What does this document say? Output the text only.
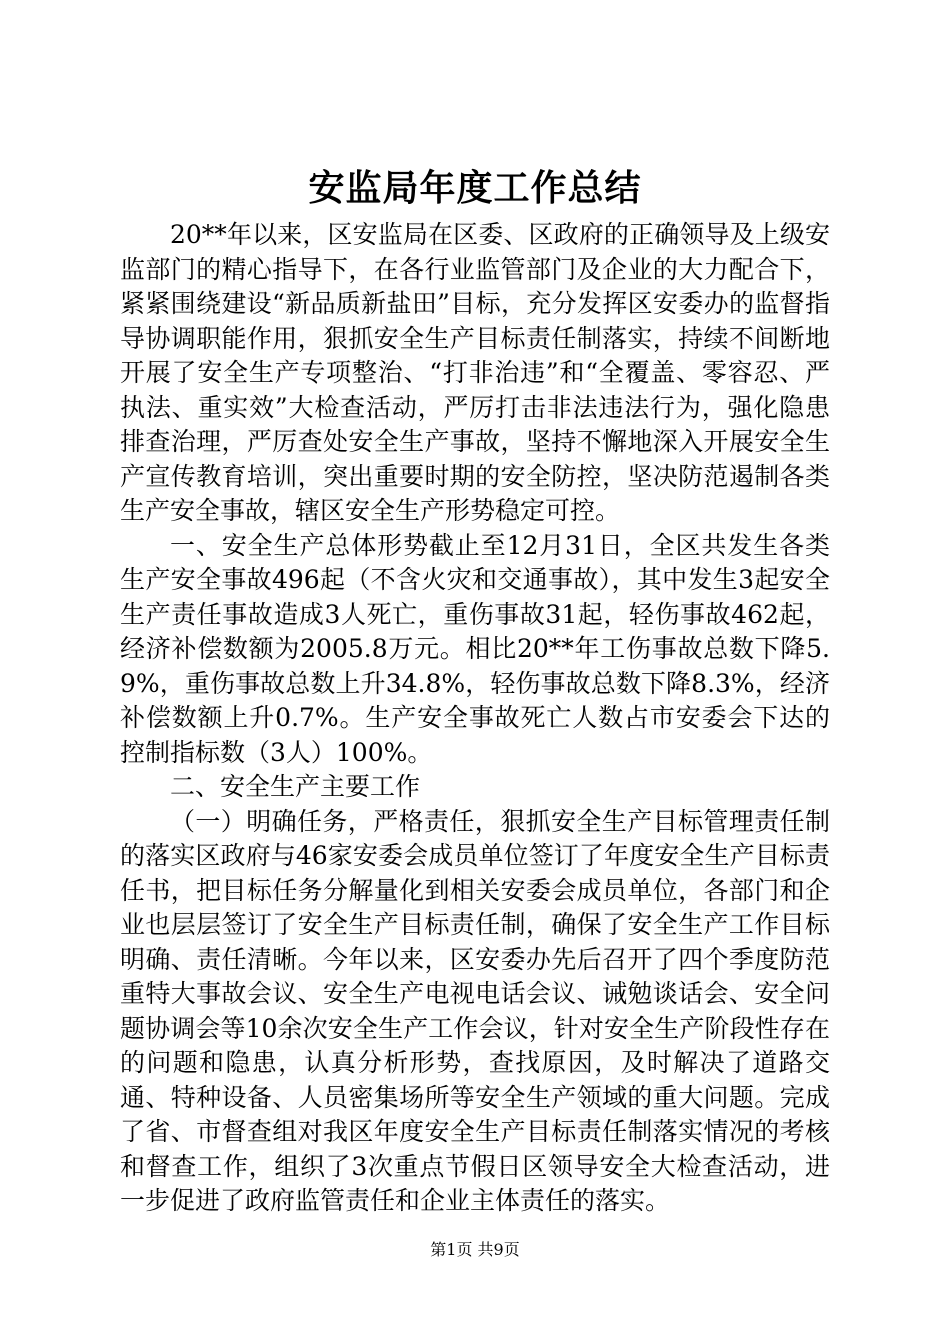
安监局年度工作总结

20**年以来，区安监局在区委、区政府的正确领导及上级安监部门的精心指导下，在各行业监管部门及企业的大力配合下，紧紧围绕建设“新品质新盐田”目标，充分发挥区安委办的监督指导协调职能作用，狠抓安全生产目标责任制落实，持续不间断地开展了安全生产专项整治、“打非治违”和“全覆盖、零容忍、严执法、重实效”大检查活动，严厉打击非法违法行为，强化隐患排查治理，严厉查处安全生产事故，坚持不懈地深入开展安全生产宣传教育培训，突出重要时期的安全防控，坚决防范遏制各类生产安全事故，辖区安全生产形势稳定可控。

一、安全生产总体形势截止至12月31日，全区共发生各类生产安全事故496起（不含火灾和交通事故），其中发生3起安全生产责任事故造成3人死亡，重伤事故31起，轻伤事故462起，经济补偿数额为2005.8万元。相比20**年工伤事故总数下降5.9%，重伤事故总数上升34.8%，轻伤事故总数下降8.3%，经济补偿数额上升0.7%。生产安全事故死亡人数占市安委会下达的控制指标数（3人）100%。

二、安全生产主要工作

（一）明确任务，严格责任，狠抓安全生产目标管理责任制的落实区政府与46家安委会成员单位签订了年度安全生产目标责任书，把目标任务分解量化到相关安委会成员单位，各部门和企业也层层签订了安全生产目标责任制，确保了安全生产工作目标明确、责任清晰。今年以来，区安委办先后召开了四个季度防范重特大事故会议、安全生产电视电话会议、诫勉谈话会、安全问题协调会等10余次安全生产工作会议，针对安全生产阶段性存在的问题和隐患，认真分析形势，查找原因，及时解决了道路交通、特种设备、人员密集场所等安全生产领域的重大问题。完成了省、市督查组对我区年度安全生产目标责任制落实情况的考核和督查工作，组织了3次重点节假日区领导安全大检查活动，进一步促进了政府监管责任和企业主体责任的落实。

第1页 共9页
